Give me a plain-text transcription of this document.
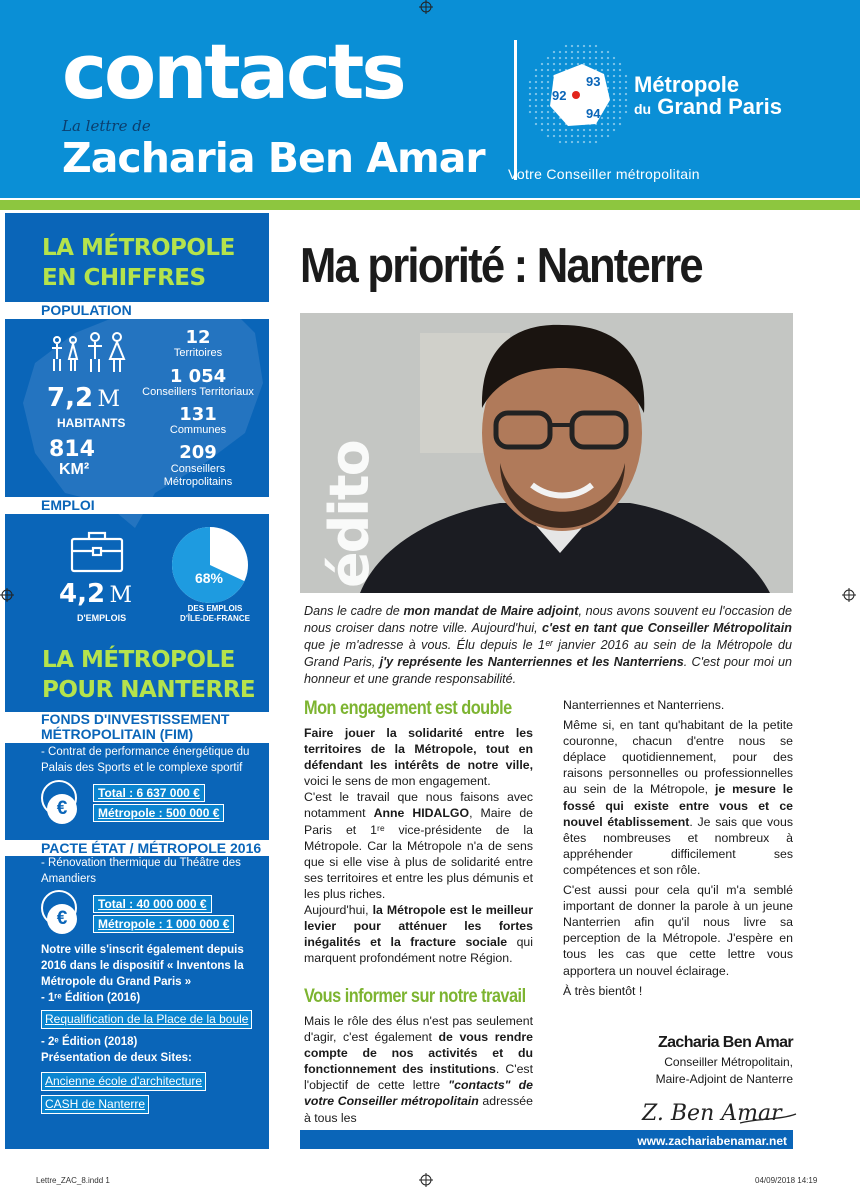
contacts
La lettre de
Zacharia Ben Amar
93
92
94
Métropole
du Grand Paris
Votre Conseiller métropolitain
LA MÉTROPOLE
EN CHIFFRES
POPULATION
7,2 M
HABITANTS
814
KM²
12
Territoires
1 054
Conseillers Territoriaux
131
Communes
209
Conseillers Métropolitains
EMPLOI
4,2 M
D'EMPLOIS
68%
DES EMPLOIS
D'ÎLE-DE-FRANCE
LA MÉTROPOLE
POUR NANTERRE
FONDS D'INVESTISSEMENT
MÉTROPOLITAIN (FIM)
- Contrat de performance énergétique du Palais des Sports et le complexe sportif
€
Total : 6 637 000 €
Métropole : 500 000 €
PACTE ÉTAT / MÉTROPOLE 2016
- Rénovation thermique du Théâtre des Amandiers
€
Total : 40 000 000 €
Métropole : 1 000 000 €
Notre ville s'inscrit également depuis 2016 dans le dispositif « Inventons la Métropole du Grand Paris »
- 1ʳᵉ Édition (2016)
Requalification de la Place de la boule
- 2ᵉ Édition (2018)
Présentation de deux Sites:
Ancienne école d'architecture
CASH de Nanterre
Ma priorité : Nanterre
édito
Dans le cadre de mon mandat de Maire adjoint, nous avons souvent eu l'occasion de nous croiser dans notre ville. Aujourd'hui, c'est en tant que Conseiller Métropolitain que je m'adresse à vous. Élu depuis le 1ᵉʳ janvier 2016 au sein de la Métropole du Grand Paris, j'y représente les Nanterriennes et les Nanterriens. C'est pour moi un honneur et une grande responsabilité.
Mon engagement est double

Faire jouer la solidarité entre les territoires de la Métropole, tout en défendant les intérêts de notre ville, voici le sens de mon engagement.

C'est le travail que nous faisons avec notamment Anne HIDALGO, Maire de Paris et 1ʳᵉ vice-présidente de la Métropole. Car la Métropole n'a de sens que si elle vise à plus de solidarité entre ses territoires et entre les plus démunis et les plus riches.

Aujourd'hui, la Métropole est le meilleur levier pour atténuer les fortes inégalités et la fracture sociale qui marquent profondément notre Région.

Vous informer sur notre travail

Mais le rôle des élus n'est pas seulement d'agir, c'est également de vous rendre compte de nos activités et du fonctionnement des institutions. C'est l'objectif de cette lettre "contacts" de votre Conseiller métropolitain adressée à tous les

Nanterriennes et Nanterriens.

Même si, en tant qu'habitant de la petite couronne, chacun d'entre nous se déplace quotidiennement, pour des raisons personnelles ou professionnelles au sein de la Métropole, je mesure le fossé qui existe entre vous et ce nouvel établissement. Je sais que vous êtes nombreuses et nombreux à appréhender difficilement ses compétences et son rôle.

C'est aussi pour cela qu'il m'a semblé important de donner la parole à un jeune Nanterrien afin qu'il nous livre sa perception de la Métropole. J'espère en tous les cas que cette lettre vous apportera un nouvel éclairage.

À très bientôt !

Zacharia Ben Amar
Conseiller Métropolitain,
Maire-Adjoint de Nanterre
Z. Ben Amar
www.zachariabenamar.net
Lettre_ZAC_8.indd 1	04/09/2018 14:19
